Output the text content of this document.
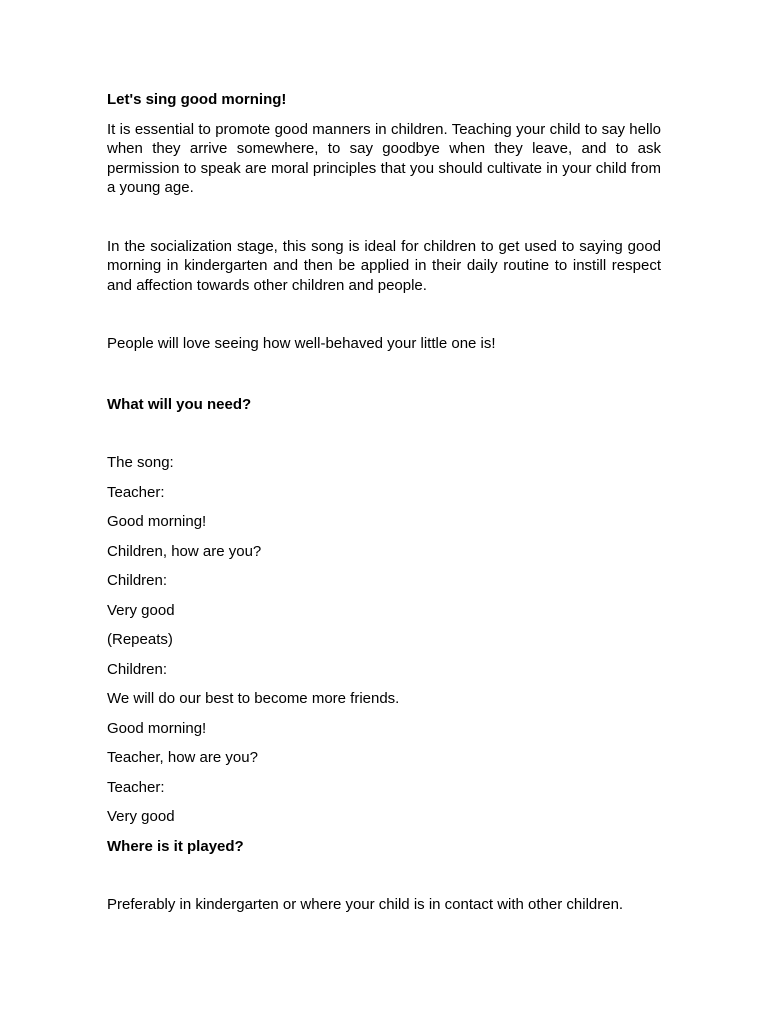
Let's sing good morning!

It is essential to promote good manners in children. Teaching your child to say hello when they arrive somewhere, to say goodbye when they leave, and to ask permission to speak are moral principles that you should cultivate in your child from a young age.

In the socialization stage, this song is ideal for children to get used to saying good morning in kindergarten and then be applied in their daily routine to instill respect and affection towards other children and people.

People will love seeing how well-behaved your little one is!

What will you need?

The song:

Teacher:

Good morning!

Children, how are you?

Children:

Very good

(Repeats)

Children:

We will do our best to become more friends.

Good morning!

Teacher, how are you?

Teacher:

Very good

Where is it played?

Preferably in kindergarten or where your child is in contact with other children.
